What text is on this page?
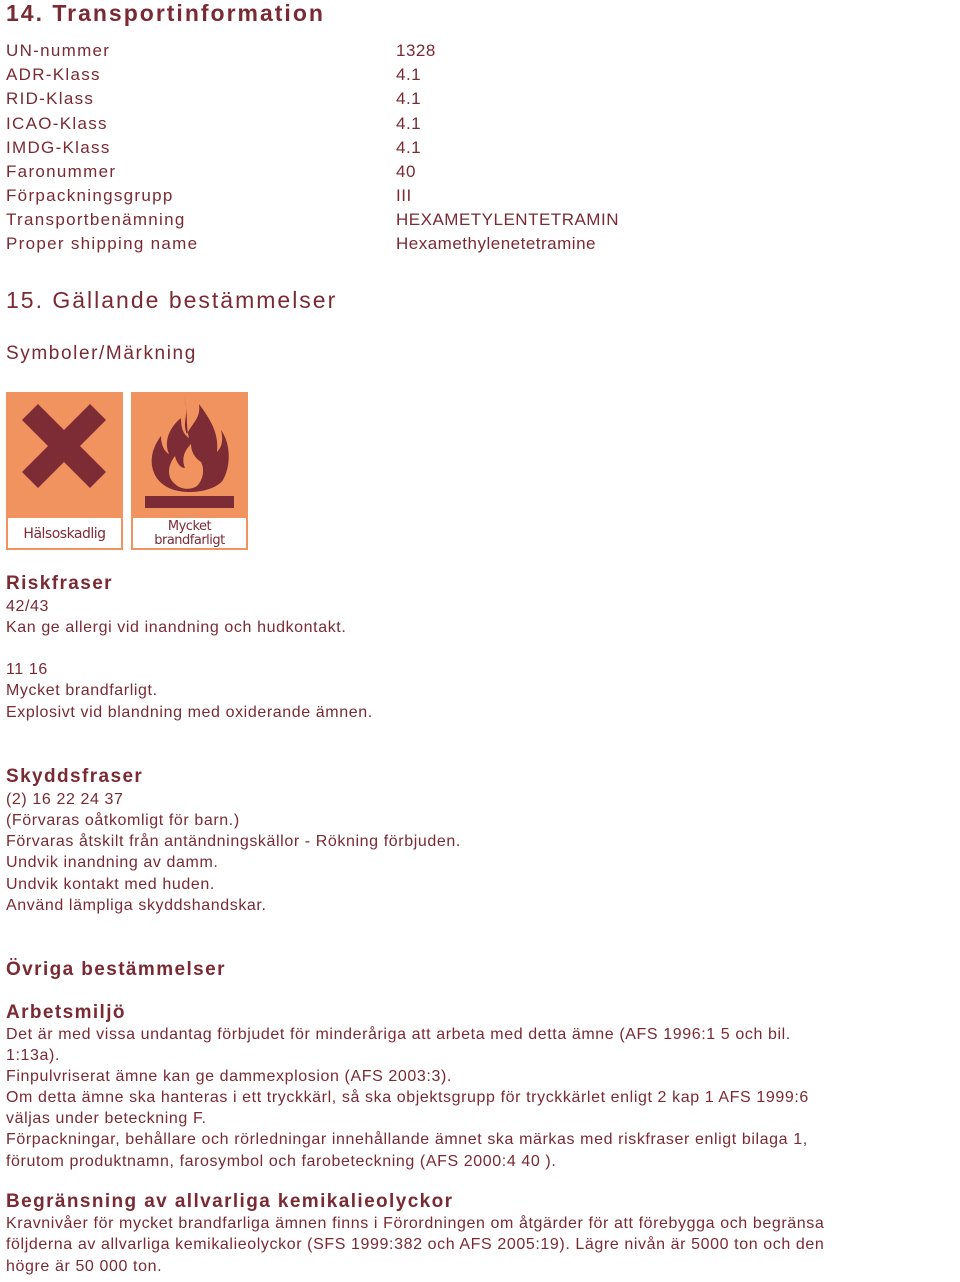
14. Transportinformation
UN-nummer	1328
ADR-Klass	4.1
RID-Klass	4.1
ICAO-Klass	4.1
IMDG-Klass	4.1
Faronummer	40
Förpackningsgrupp	III
Transportbenämning	HEXAMETYLENTETRAMIN
Proper shipping name	Hexamethylenetetramine
15. Gällande bestämmelser
Symboler/Märkning
Hälsoskadlig	Mycket
brandfarligt
Riskfraser
42/43
Kan ge allergi vid inandning och hudkontakt.
11 16
Mycket brandfarligt.
Explosivt vid blandning med oxiderande ämnen.
Skyddsfraser
(2) 16 22 24 37
(Förvaras oåtkomligt för barn.)
Förvaras åtskilt från antändningskällor - Rökning förbjuden.
Undvik inandning av damm.
Undvik kontakt med huden.
Använd lämpliga skyddshandskar.
Övriga bestämmelser
Arbetsmiljö
Det är med vissa undantag förbjudet för minderåriga att arbeta med detta ämne (AFS 1996:1 5 och bil.
1:13a).
Finpulvriserat ämne kan ge dammexplosion (AFS 2003:3).
Om detta ämne ska hanteras i ett tryckkärl, så ska objektsgrupp för tryckkärlet enligt 2 kap 1 AFS 1999:6
väljas under beteckning F.
Förpackningar, behållare och rörledningar innehållande ämnet ska märkas med riskfraser enligt bilaga 1,
förutom produktnamn, farosymbol och farobeteckning (AFS 2000:4 40 ).
Begränsning av allvarliga kemikalieolyckor
Kravnivåer för mycket brandfarliga ämnen finns i Förordningen om åtgärder för att förebygga och begränsa
följderna av allvarliga kemikalieolyckor (SFS 1999:382 och AFS 2005:19). Lägre nivån är 5000 ton och den
högre är 50 000 ton.
